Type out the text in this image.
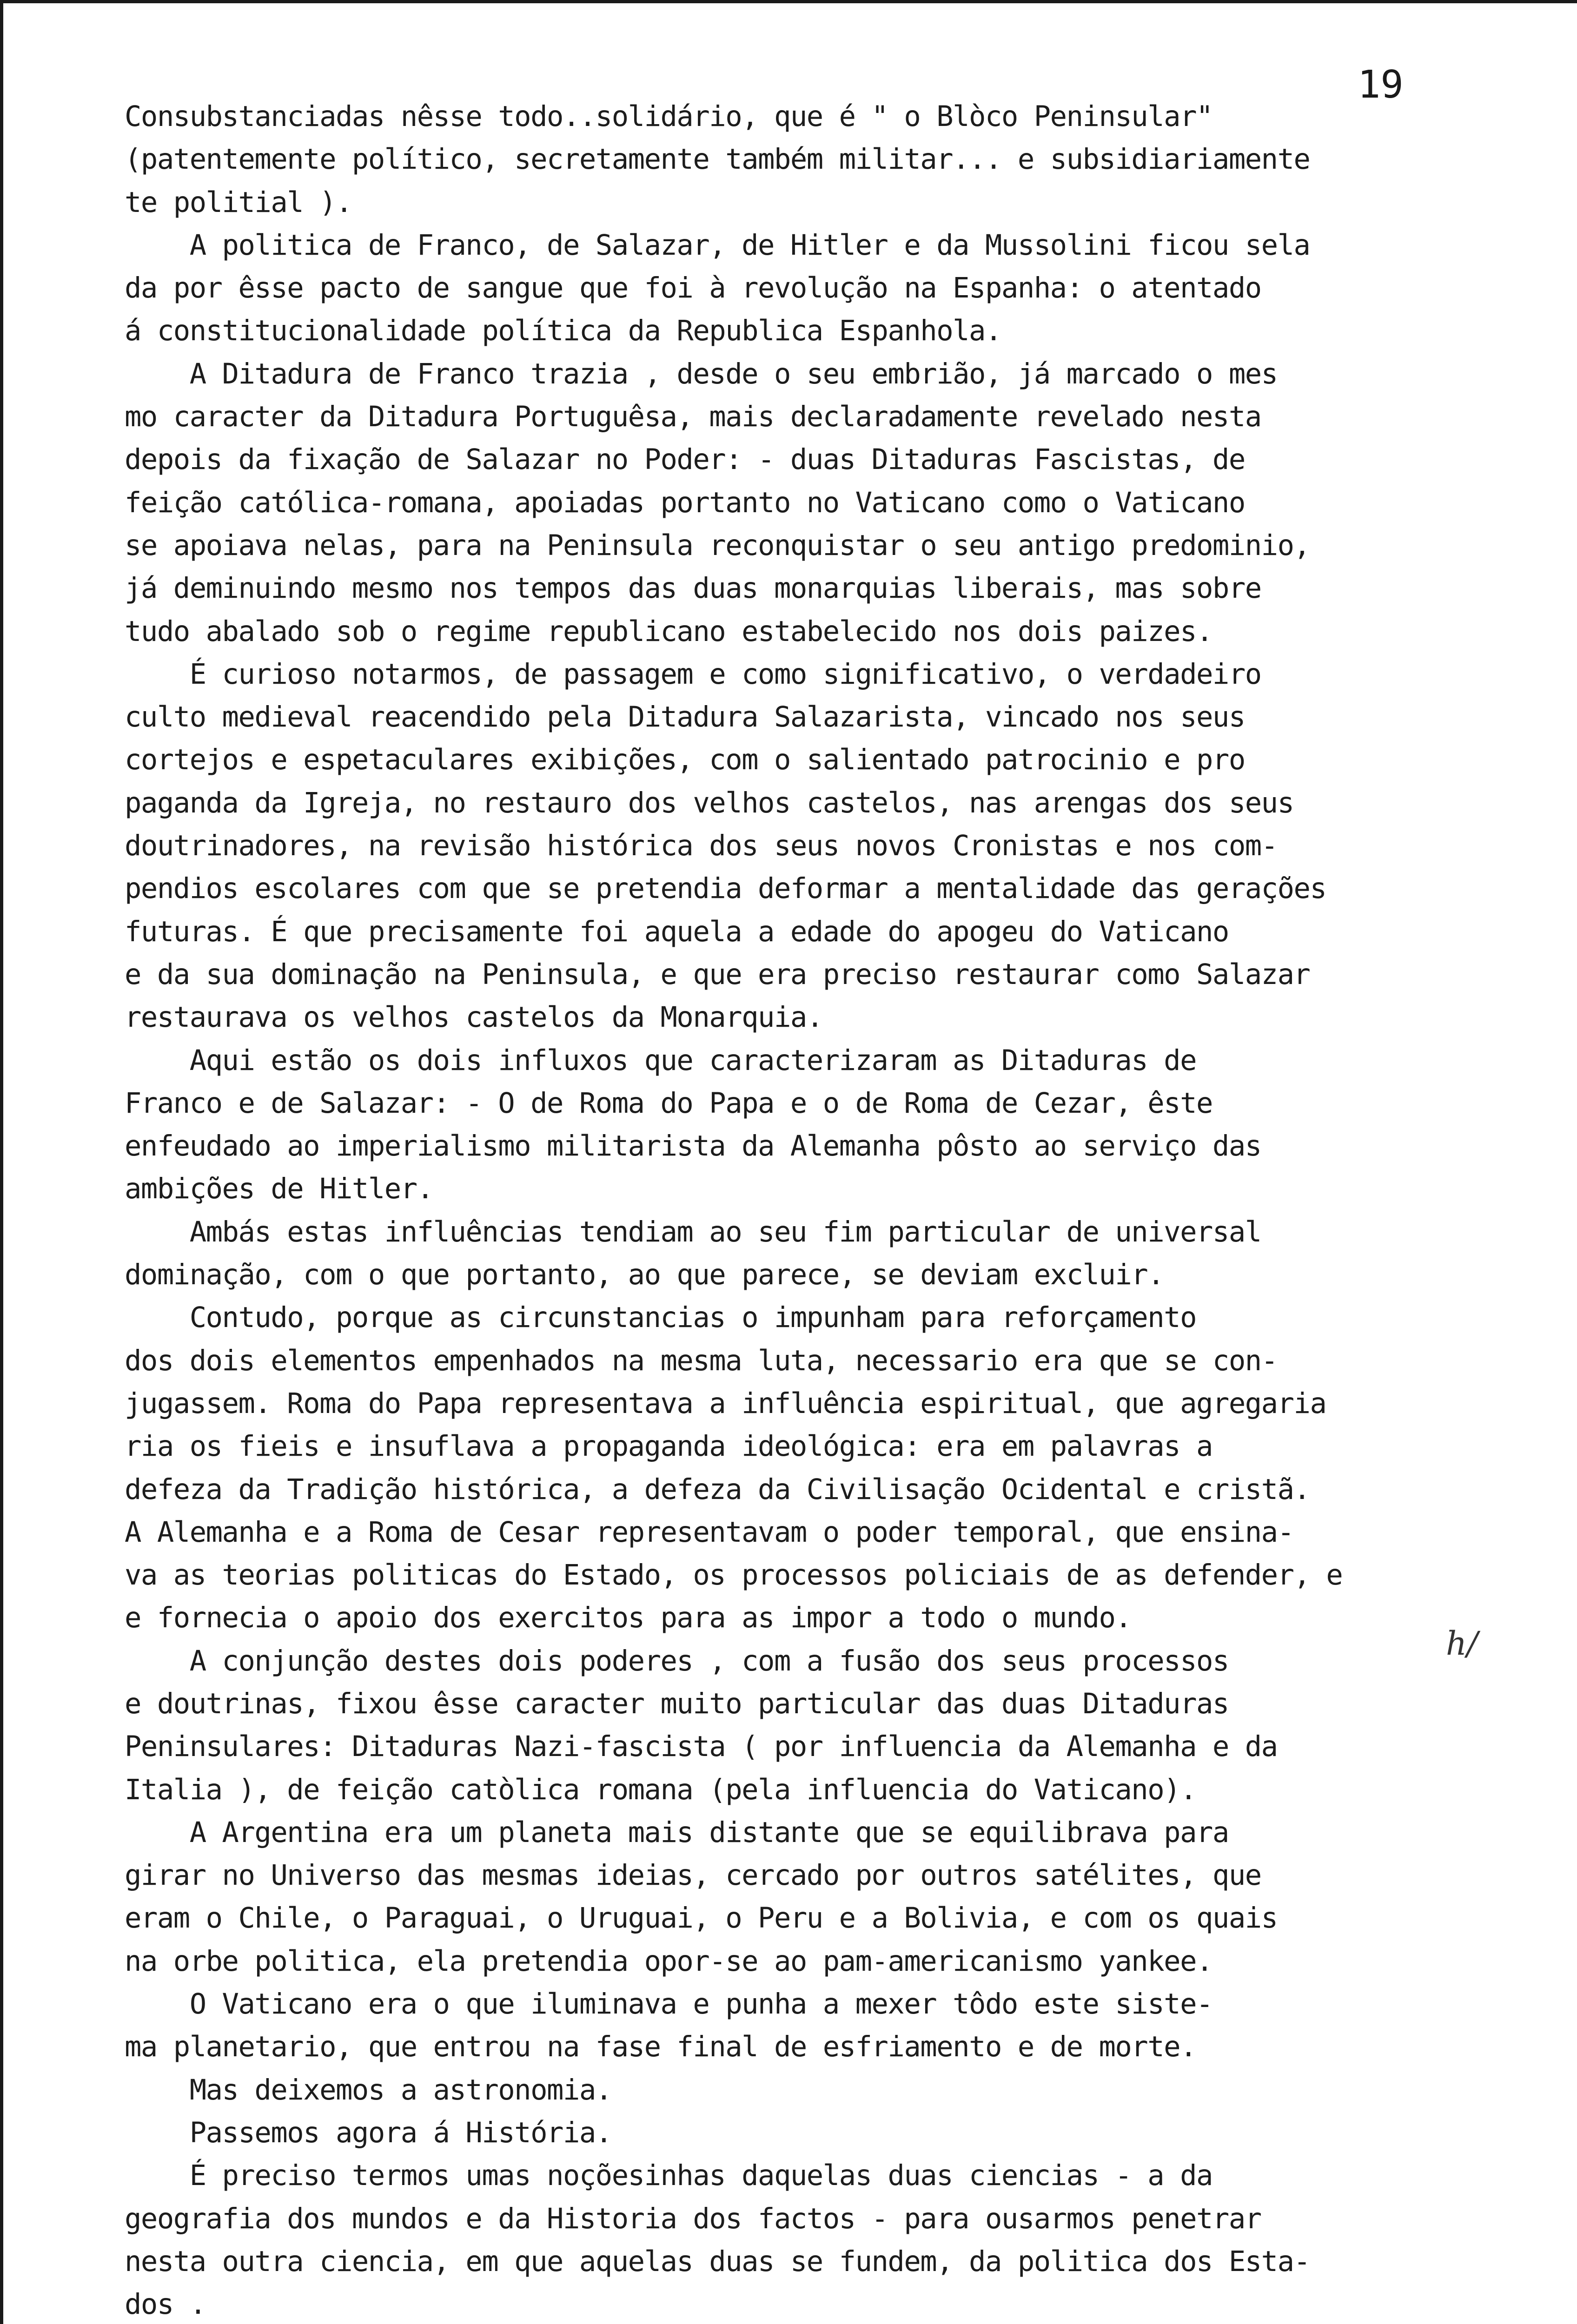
19
Consubstanciadas nêsse todo..solidário, que é " o Blòco Peninsular"
(patentemente político, secretamente também militar... e subsidiariamente
te politial ).
A politica de Franco, de Salazar, de Hitler e da Mussolini ficou sela
da por êsse pacto de sangue que foi à revolução na Espanha: o atentado
á constitucionalidade política da Republica Espanhola.
A Ditadura de Franco trazia , desde o seu embrião, já marcado o mes
mo caracter da Ditadura Portuguêsa, mais declaradamente revelado nesta
depois da fixação de Salazar no Poder: - duas Ditaduras Fascistas, de
feição católica-romana, apoiadas portanto no Vaticano como o Vaticano
se apoiava nelas, para na Peninsula reconquistar o seu antigo predominio,
já deminuindo mesmo nos tempos das duas monarquias liberais, mas sobre
tudo abalado sob o regime republicano estabelecido nos dois paizes.
É curioso notarmos, de passagem e como significativo, o verdadeiro
culto medieval reacendido pela Ditadura Salazarista, vincado nos seus
cortejos e espetaculares exibições, com o salientado patrocinio e pro
paganda da Igreja, no restauro dos velhos castelos, nas arengas dos seus
doutrinadores, na revisão histórica dos seus novos Cronistas e nos com-
pendios escolares com que se pretendia deformar a mentalidade das gerações
futuras. É que precisamente foi aquela a edade do apogeu do Vaticano
e da sua dominação na Peninsula, e que era preciso restaurar como Salazar
restaurava os velhos castelos da Monarquia.
Aqui estão os dois influxos que caracterizaram as Ditaduras de
Franco e de Salazar: - O de Roma do Papa e o de Roma de Cezar, êste
enfeudado ao imperialismo militarista da Alemanha pôsto ao serviço das
ambições de Hitler.
Ambás estas influências tendiam ao seu fim particular de universal
dominação, com o que portanto, ao que parece, se deviam excluir.
Contudo, porque as circunstancias o impunham para reforçamento
dos dois elementos empenhados na mesma luta, necessario era que se con-
jugassem. Roma do Papa representava a influência espiritual, que agregaria
ria os fieis e insuflava a propaganda ideológica: era em palavras a
defeza da Tradição histórica, a defeza da Civilisação Ocidental e cristã.
A Alemanha e a Roma de Cesar representavam o poder temporal, que ensina-
va as teorias politicas do Estado, os processos policiais de as defender, e
e fornecia o apoio dos exercitos para as impor a todo o mundo.
A conjunção destes dois poderes , com a fusão dos seus processos
e doutrinas, fixou êsse caracter muito particular das duas Ditaduras
Peninsulares: Ditaduras Nazi-fascista ( por influencia da Alemanha e da
Italia ), de feição catòlica romana (pela influencia do Vaticano).
A Argentina era um planeta mais distante que se equilibrava para
girar no Universo das mesmas ideias, cercado por outros satélites, que
eram o Chile, o Paraguai, o Uruguai, o Peru e a Bolivia, e com os quais
na orbe politica, ela pretendia opor-se ao pam-americanismo yankee.
O Vaticano era o que iluminava e punha a mexer tôdo este siste-
ma planetario, que entrou na fase final de esfriamento e de morte.
Mas deixemos a astronomia.
Passemos agora á História.
É preciso termos umas noçõesinhas daquelas duas ciencias - a da
geografia dos mundos e da Historia dos factos - para ousarmos penetrar
nesta outra ciencia, em que aquelas duas se fundem, da politica dos Esta-
dos .
h/
